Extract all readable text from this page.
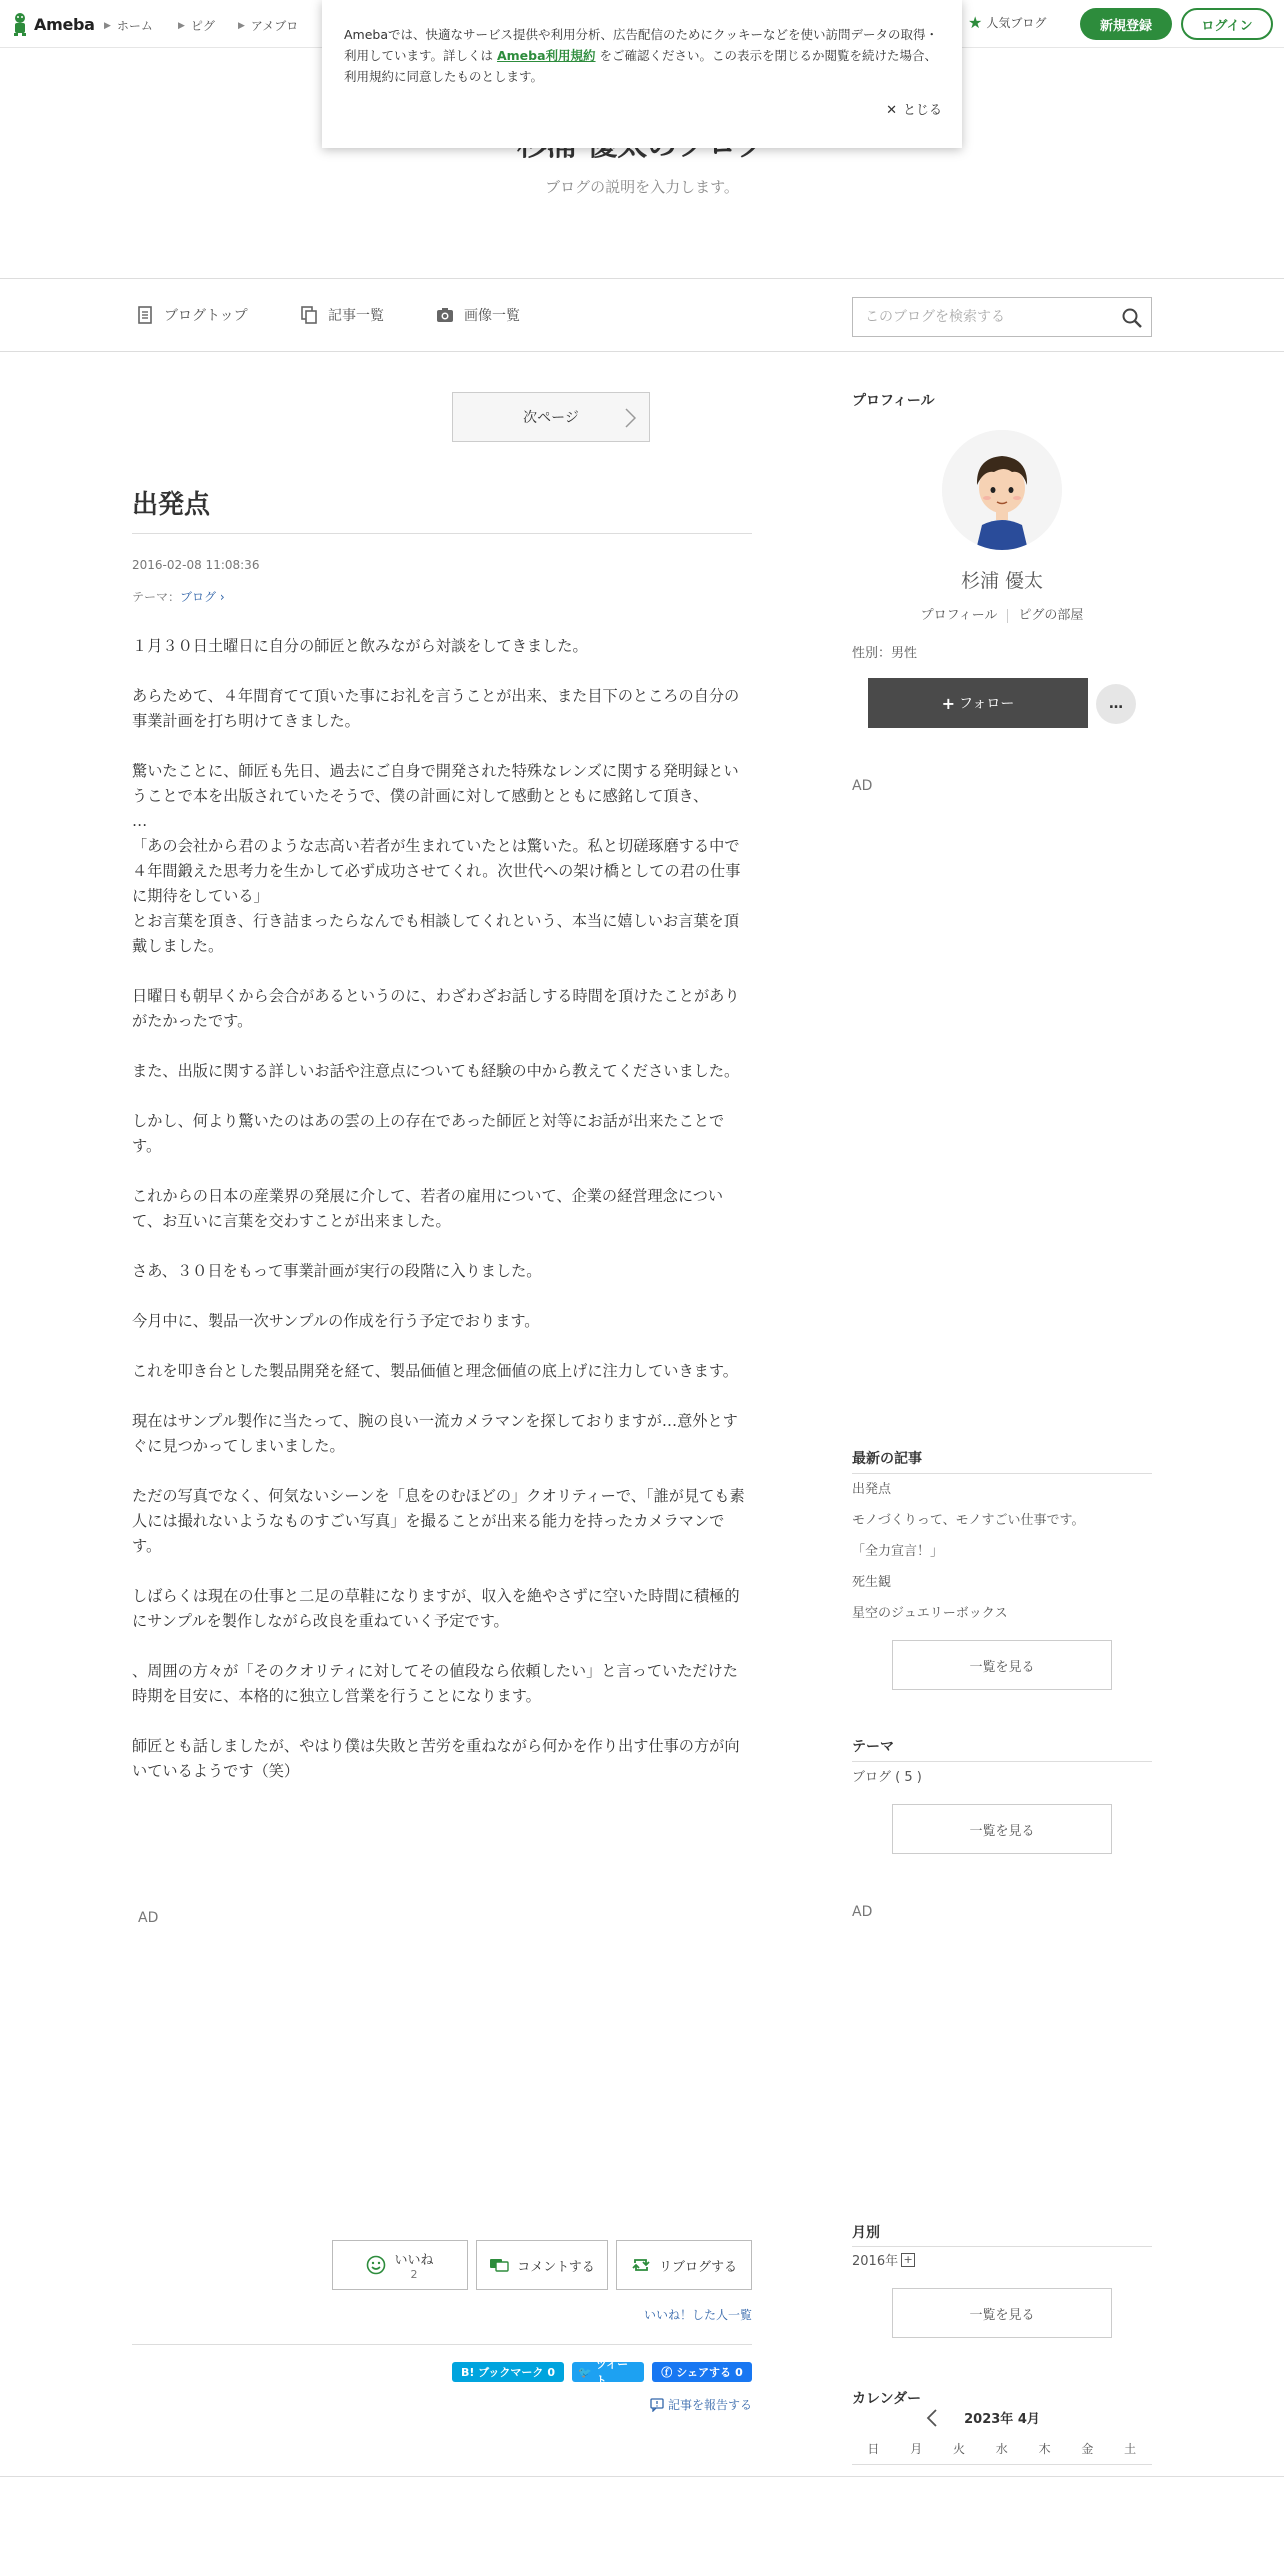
Ameba ▶ ホーム	▶ ピグ	▶ アメブロ	★ 人気ブログ	新規登録	ログイン
Amebaでは、快適なサービス提供や利用分析、広告配信のためにクッキーなどを使い訪問データの取得・利用しています。詳しくは Ameba利用規約 をご確認ください。この表示を閉じるか閲覧を続けた場合、利用規約に同意したものとします。
✕ とじる
ブログの説明を入力します。
ブログトップ	記事一覧	画像一覧
このブログを検索する
次ページ
出発点
2016-02-08 11:08:36
テーマ：ブログ ›

１月３０日土曜日に自分の師匠と飲みながら対談をしてきました。

あらためて、４年間育てて頂いた事にお礼を言うことが出来、また目下のところの自分の事業計画を打ち明けてきました。

驚いたことに、師匠も先日、過去にご自身で開発された特殊なレンズに関する発明録ということで本を出版されていたそうで、僕の計画に対して感動とともに感銘して頂き、
…
「あの会社から君のような志高い若者が生まれていたとは驚いた。私と切磋琢磨する中で４年間鍛えた思考力を生かして必ず成功させてくれ。次世代への架け橋としての君の仕事に期待をしている」
とお言葉を頂き、行き詰まったらなんでも相談してくれという、本当に嬉しいお言葉を頂戴しました。

日曜日も朝早くから会合があるというのに、わざわざお話しする時間を頂けたことがありがたかったです。

また、出版に関する詳しいお話や注意点についても経験の中から教えてくださいました。

しかし、何より驚いたのはあの雲の上の存在であった師匠と対等にお話が出来たことです。

これからの日本の産業界の発展に介して、若者の雇用について、企業の経営理念について、お互いに言葉を交わすことが出来ました。

さあ、３０日をもって事業計画が実行の段階に入りました。

今月中に、製品一次サンプルの作成を行う予定でおります。

これを叩き台とした製品開発を経て、製品価値と理念価値の底上げに注力していきます。

現在はサンプル製作に当たって、腕の良い一流カメラマンを探しておりますが…意外とすぐに見つかってしまいました。

ただの写真でなく、何気ないシーンを「息をのむほどの」クオリティーで、「誰が見ても素人には撮れないようなものすごい写真」を撮ることが出来る能力を持ったカメラマンです。

しばらくは現在の仕事と二足の草鞋になりますが、収入を絶やさずに空いた時間に積極的にサンプルを製作しながら改良を重ねていく予定です。

、周囲の方々が「そのクオリティに対してその値段なら依頼したい」と言っていただけた時期を目安に、本格的に独立し営業を行うことになります。

師匠とも話しましたが、やはり僕は失敗と苦労を重ねながら何かを作り出す仕事の方が向いているようです（笑）

AD
いいね
2	コメントする	リブログする
いいね！した人一覧
B! ブックマーク 0 🐦
ツイート
ⓕ シェアする 0
記事を報告する
プロフィール
杉浦 優太
プロフィール ピグの部屋
性別：男性
+ フォロー	…
AD
最新の記事
出発点
モノづくりって、モノすごい仕事です。
「全力宣言！」
死生観
星空のジュエリーボックス
一覧を見る
テーマ
ブログ ( 5 )
一覧を見る
AD
月別
2016年 +
一覧を見る
カレンダー
2023年 4月
日	月	火	水	木	金	土
